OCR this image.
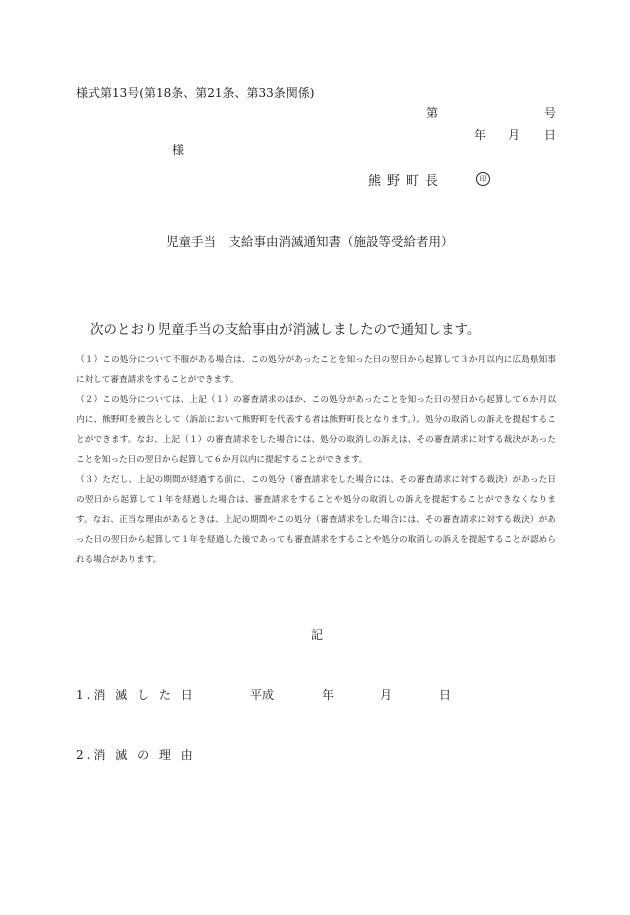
様式第13号(第18条、第21条、第33条関係)
第	号
年 月 日
様
熊野町長	印
児童手当　支給事由消滅通知書（施設等受給者用）
次のとおり児童手当の支給事由が消滅しましたので通知します。

（１）この処分について不服がある場合は、この処分があったことを知った日の翌日から起算して３か月以内に広島県知事に対して審査請求をすることができます。

（２）この処分については、上記（１）の審査請求のほか、この処分があったことを知った日の翌日から起算して６か月以内に、熊野町を被告として（訴訟において熊野町を代表する者は熊野町長となります。）、処分の取消しの訴えを提起することができます。なお、上記（１）の審査請求をした場合には、処分の取消しの訴えは、その審査請求に対する裁決があったことを知った日の翌日から起算して６か月以内に提起することができます。

（３）ただし、上記の期間が経過する前に、この処分（審査請求をした場合には、その審査請求に対する裁決）があった日の翌日から起算して１年を経過した場合は、審査請求をすることや処分の取消しの訴えを提起することができなくなります。なお、正当な理由があるときは、上記の期間やこの処分（審査請求をした場合には、その審査請求に対する裁決）があった日の翌日から起算して１年を経過した後であっても審査請求をすることや処分の取消しの訴えを提起することが認められる場合があります。

記
1.消 滅 し た 日	平成	年	月	日
2.消 滅 の 理 由
